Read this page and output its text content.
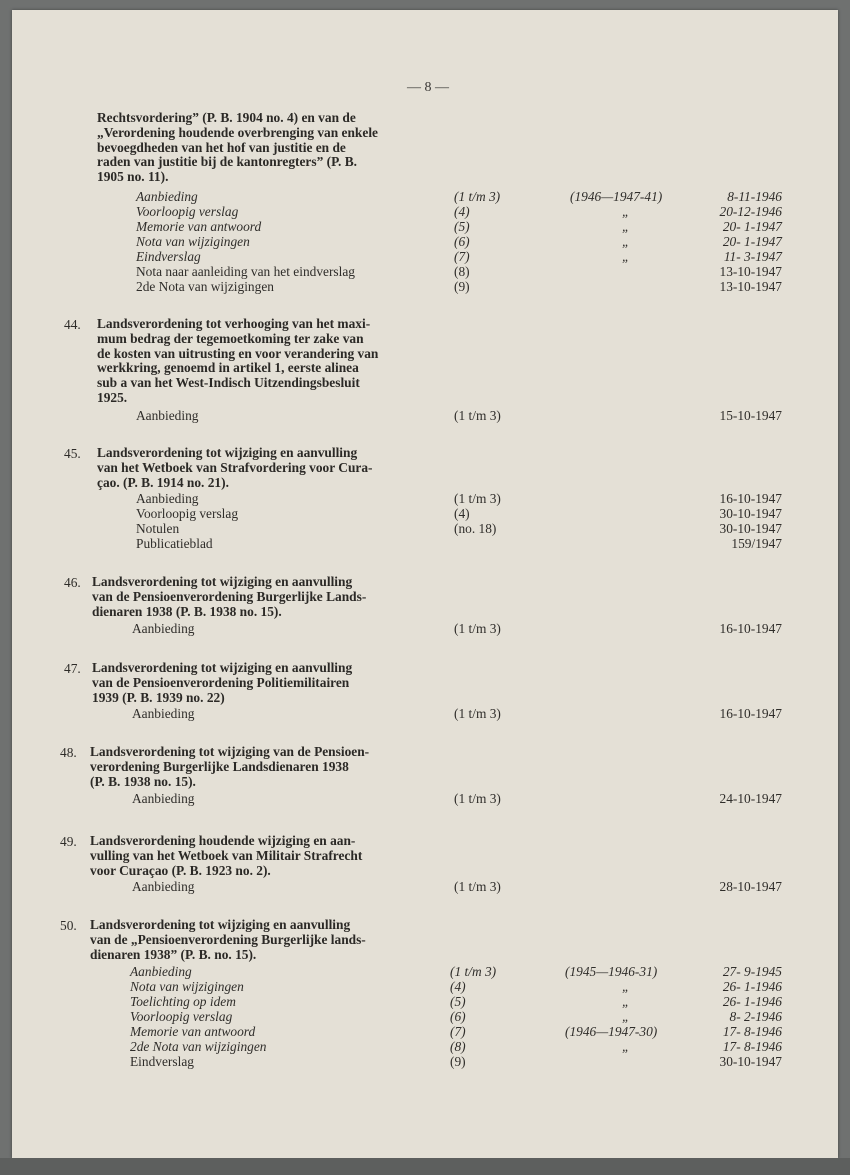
— 8 —
Rechtsvordering” (P. B. 1904 no. 4) en van de
„Verordening houdende overbrenging van enkele
bevoegdheden van het hof van justitie en de
raden van justitie bij de kantonregters” (P. B.
1905 no. 11).
Aanbieding	(1 t/m 3)	(1946—1947-41)	8-11-1946
Voorloopig verslag	(4)	„	20-12-1946
Memorie van antwoord	(5)	„	20- 1-1947
Nota van wijzigingen	(6)	„	20- 1-1947
Eindverslag	(7)	„	11- 3-1947
Nota naar aanleiding van het eindverslag	(8)	13-10-1947
2de Nota van wijzigingen	(9)	13-10-1947
44. Landsverordening tot verhooging van het maxi-
mum bedrag der tegemoetkoming ter zake van
de kosten van uitrusting en voor verandering van
werkkring, genoemd in artikel 1, eerste alinea
sub a van het West-Indisch Uitzendingsbesluit
1925.
Aanbieding	(1 t/m 3)	15-10-1947
45. Landsverordening tot wijziging en aanvulling
van het Wetboek van Strafvordering voor Cura-
çao. (P. B. 1914 no. 21).
Aanbieding	(1 t/m 3)	16-10-1947
Voorloopig verslag	(4)	30-10-1947
Notulen	(no. 18)	30-10-1947
Publicatieblad	159/1947
46. Landsverordening tot wijziging en aanvulling
van de Pensioenverordening Burgerlijke Lands-
dienaren 1938 (P. B. 1938 no. 15).
Aanbieding	(1 t/m 3)	16-10-1947
47. Landsverordening tot wijziging en aanvulling
van de Pensioenverordening Politiemilitairen
1939 (P. B. 1939 no. 22)
Aanbieding	(1 t/m 3)	16-10-1947
48. Landsverordening tot wijziging van de Pensioen-
verordening Burgerlijke Landsdienaren 1938
(P. B. 1938 no. 15).
Aanbieding	(1 t/m 3)	24-10-1947
49. Landsverordening houdende wijziging en aan-
vulling van het Wetboek van Militair Strafrecht
voor Curaçao (P. B. 1923 no. 2).
Aanbieding	(1 t/m 3)	28-10-1947
50. Landsverordening tot wijziging en aanvulling
van de „Pensioenverordening Burgerlijke lands-
dienaren 1938” (P. B. no. 15).
Aanbieding	(1 t/m 3)	(1945—1946-31)	27- 9-1945
Nota van wijzigingen	(4)	„	26- 1-1946
Toelichting op idem	(5)	„	26- 1-1946
Voorloopig verslag	(6)	„	8- 2-1946
Memorie van antwoord	(7)	(1946—1947-30)	17- 8-1946
2de Nota van wijzigingen	(8)	„	17- 8-1946
Eindverslag	(9)	30-10-1947
